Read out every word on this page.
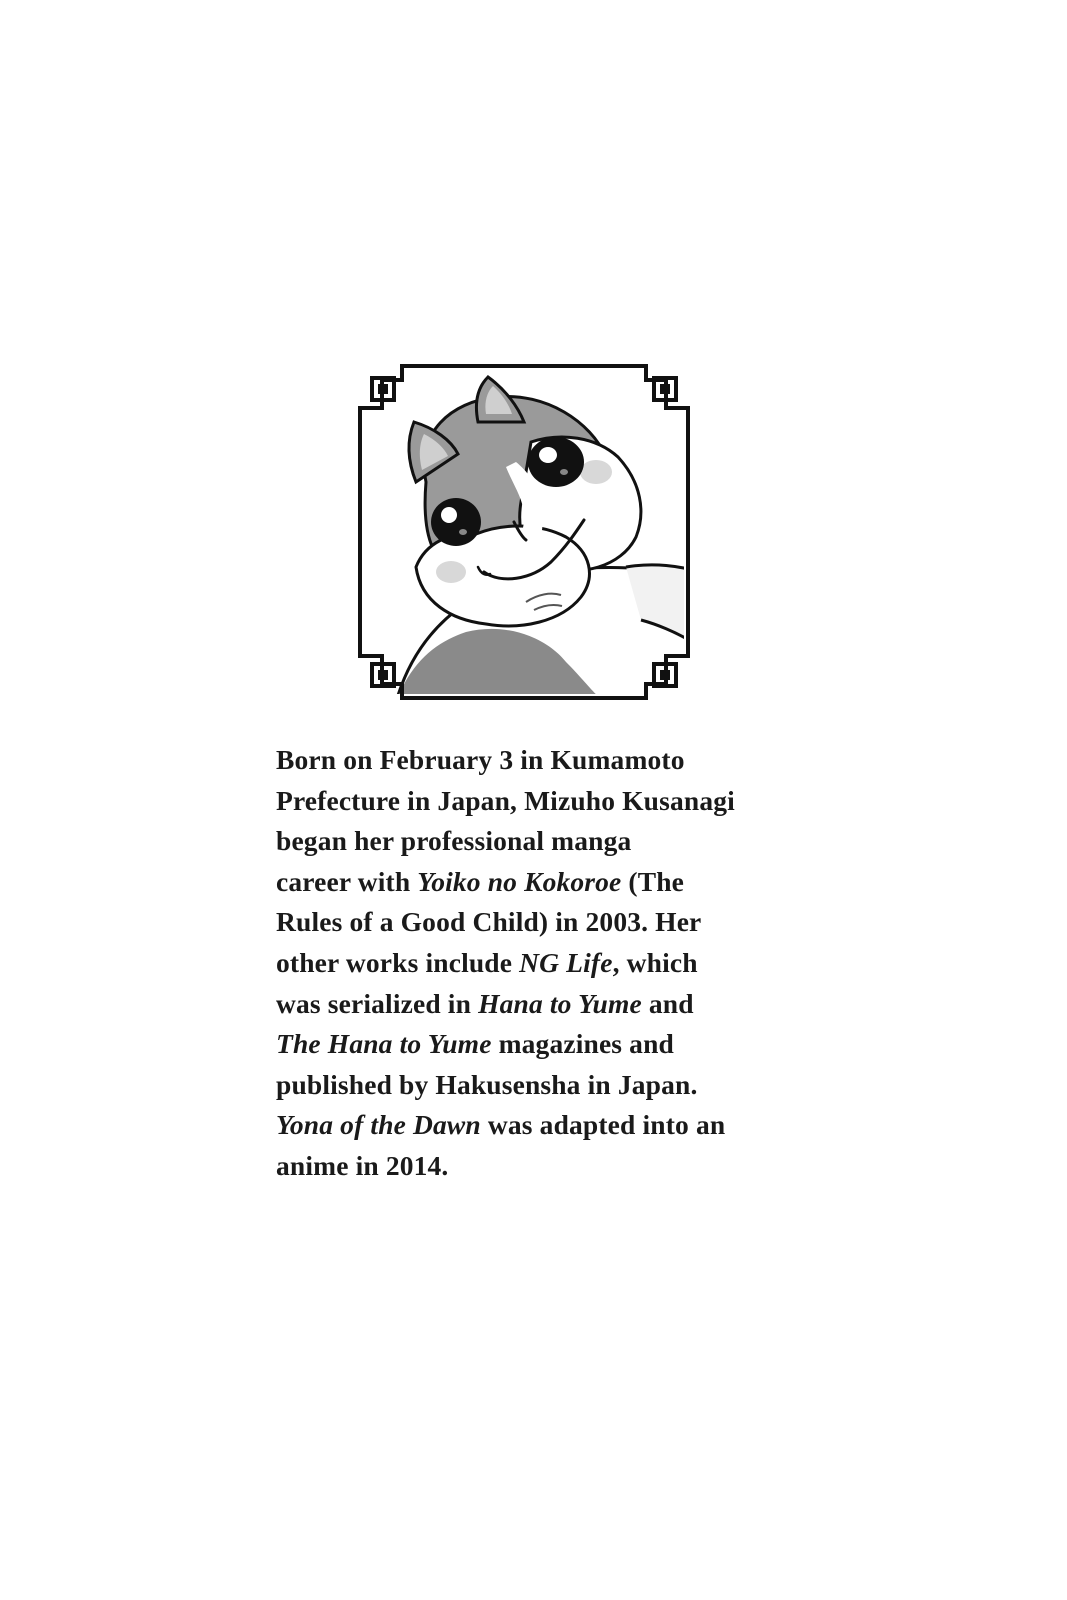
Born on February 3 in Kumamoto
Prefecture in Japan, Mizuho Kusanagi
began her professional manga
career with Yoiko no Kokoroe (The
Rules of a Good Child) in 2003. Her
other works include NG Life, which
was serialized in Hana to Yume and
The Hana to Yume magazines and
published by Hakusensha in Japan.
Yona of the Dawn was adapted into an
anime in 2014.
